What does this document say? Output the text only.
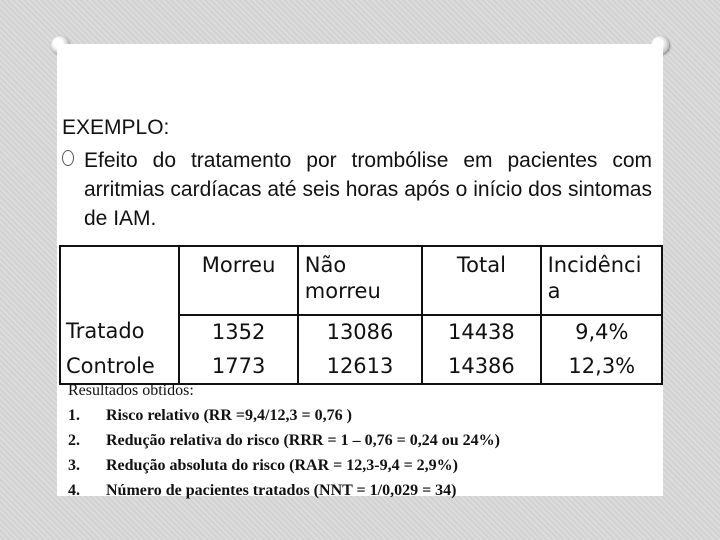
EXEMPLO:

Efeito do tratamento por trombólise em pacientes com arritmias cardíacas até seis horas após o início dos sintomas de IAM.

	Morreu	Não morreu	Total	Incidênci a
Tratado	1352	13086	14438	9,4%
Controle	1773	12613	14386	12,3%

Resultados obtidos:

1.	Risco relativo (RR =9,4/12,3 = 0,76 )
2.	Redução relativa do risco (RRR = 1 – 0,76 = 0,24 ou 24%)
3.	Redução absoluta do risco (RAR = 12,3-9,4 = 2,9%)
4.	Número de pacientes tratados (NNT = 1/0,029 = 34)
